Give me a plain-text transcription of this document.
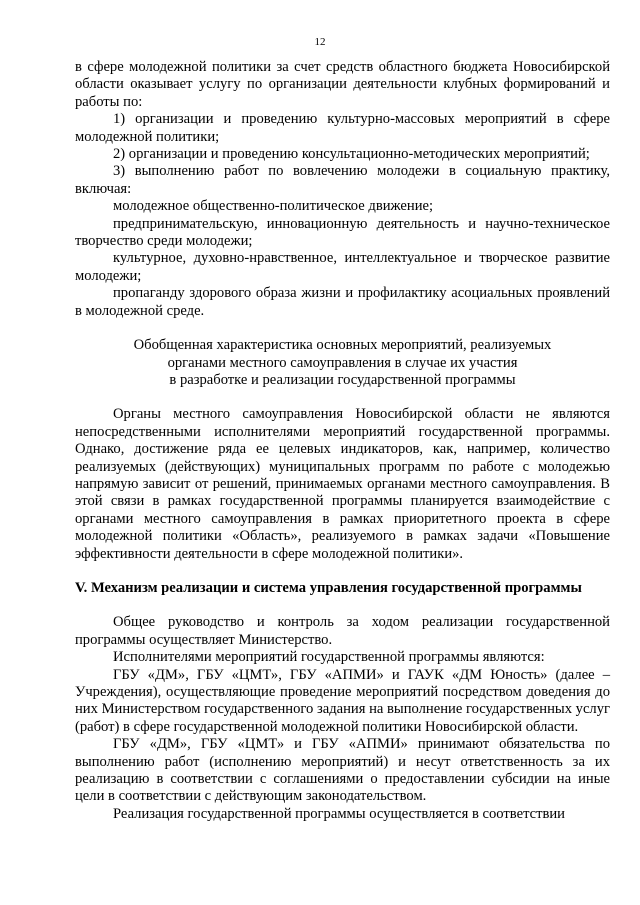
12

в сфере молодежной политики за счет средств областного бюджета Новосибирской области оказывает услугу по организации деятельности клубных формирований и работы по:

1) организации и проведению культурно-массовых мероприятий в сфере молодежной политики;

2) организации и проведению консультационно-методических мероприятий;

3) выполнению работ по вовлечению молодежи в социальную практику, включая:

молодежное общественно-политическое движение;

предпринимательскую, инновационную деятельность и научно-техническое творчество среди молодежи;

культурное, духовно-нравственное, интеллектуальное и творческое развитие молодежи;

пропаганду здорового образа жизни и профилактику асоциальных проявлений в молодежной среде.

Обобщенная характеристика основных мероприятий, реализуемых
органами местного самоуправления в случае их участия
в разработке и реализации государственной программы

Органы местного самоуправления Новосибирской области не являются непосредственными исполнителями мероприятий государственной программы. Однако, достижение ряда ее целевых индикаторов, как, например, количество реализуемых (действующих) муниципальных программ по работе с молодежью напрямую зависит от решений, принимаемых органами местного самоуправления. В этой связи в рамках государственной программы планируется взаимодействие с органами местного самоуправления в рамках приоритетного проекта в сфере молодежной политики «Область», реализуемого в рамках задачи «Повышение эффективности деятельности в сфере молодежной политики».

V. Механизм реализации и система управления государственной программы

Общее руководство и контроль за ходом реализации государственной программы осуществляет Министерство.

Исполнителями мероприятий государственной программы являются:

ГБУ «ДМ», ГБУ «ЦМТ», ГБУ «АПМИ» и ГАУК «ДМ Юность» (далее – Учреждения), осуществляющие проведение мероприятий посредством доведения до них Министерством государственного задания на выполнение государственных услуг (работ) в сфере государственной молодежной политики Новосибирской области.

ГБУ «ДМ», ГБУ «ЦМТ» и ГБУ «АПМИ» принимают обязательства по выполнению работ (исполнению мероприятий) и несут ответственность за их реализацию в соответствии с соглашениями о предоставлении субсидии на иные цели в соответствии с действующим законодательством.

Реализация государственной программы осуществляется в соответствии
